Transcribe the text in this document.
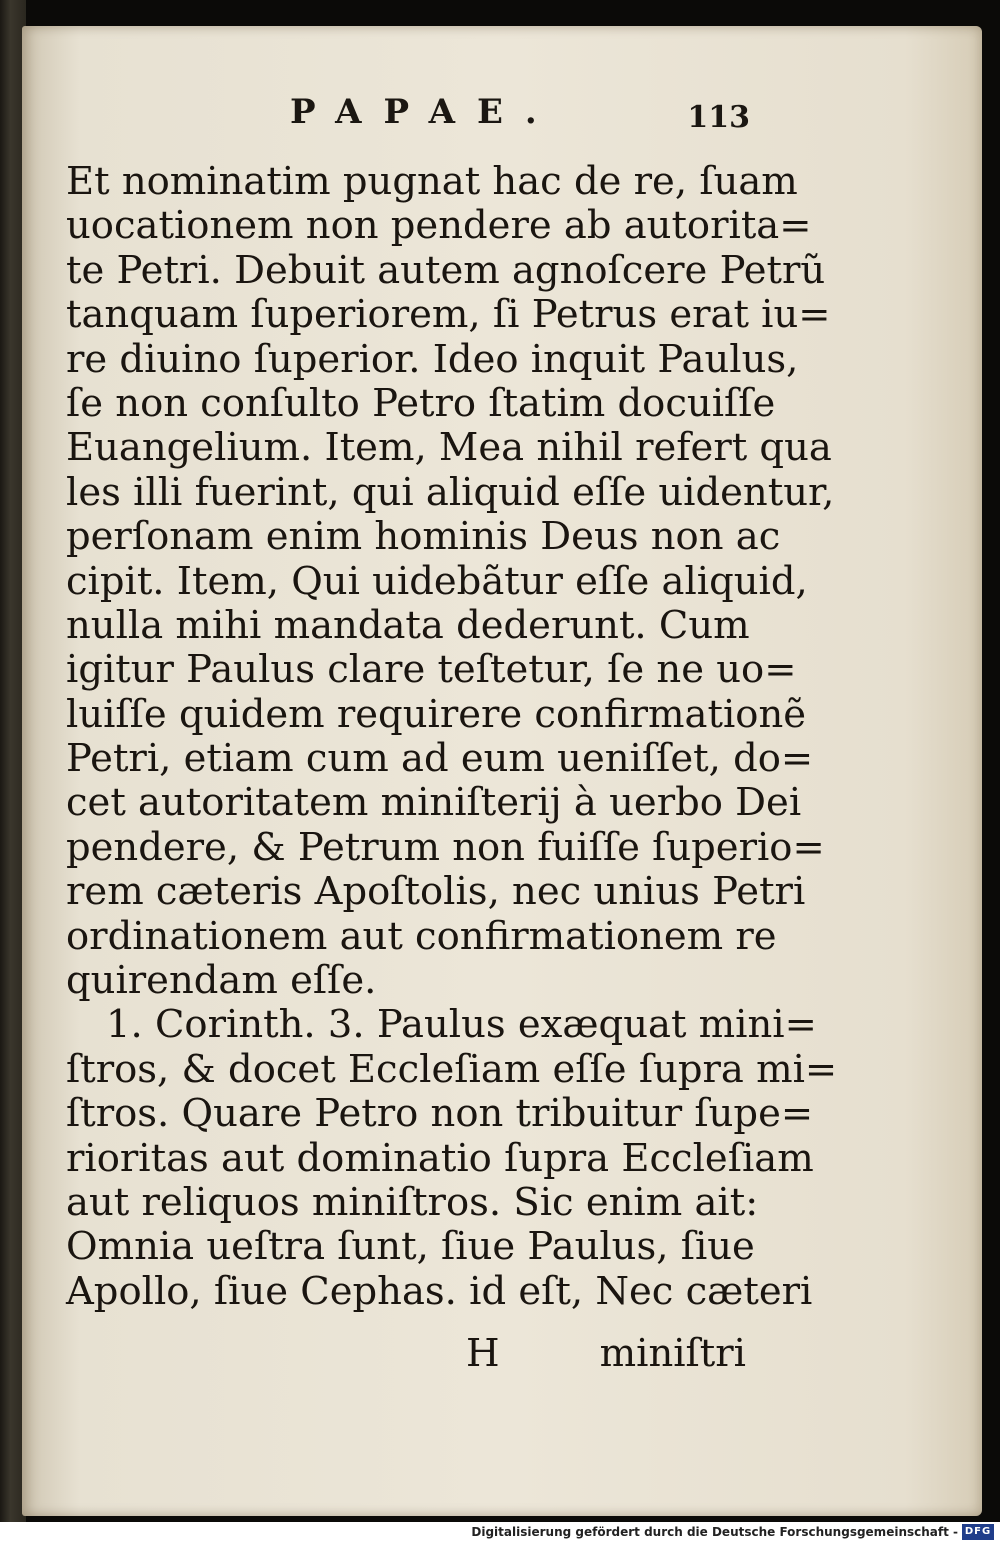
PAPAE.	113
Et nominatim pugnat hac de re, ſuam
uocationem non pendere ab autorita=
te Petri. Debuit autem agnoſcere Petrũ
tanquam ſuperiorem, ſi Petrus erat iu=
re diuino ſuperior. Ideo inquit Paulus,
ſe non conſulto Petro ſtatim docuiſſe
Euangelium. Item, Mea nihil refert qua
les illi fuerint, qui aliquid eſſe uidentur,
perſonam enim hominis Deus non ac
cipit. Item, Qui uidebãtur eſſe aliquid,
nulla mihi mandata dederunt. Cum
igitur Paulus clare teſtetur, ſe ne uo=
luiſſe quidem requirere confirmationẽ
Petri, etiam cum ad eum ueniſſet, do=
cet autoritatem miniſterij à uerbo Dei
pendere, & Petrum non fuiſſe ſuperio=
rem cæteris Apoſtolis, nec unius Petri
ordinationem aut confirmationem re
quirendam eſſe.
1. Corinth. 3. Paulus exæquat mini=
ſtros, & docet Eccleſiam eſſe ſupra mi=
ſtros. Quare Petro non tribuitur ſupe=
rioritas aut dominatio ſupra Eccleſiam
aut reliquos miniſtros. Sic enim ait:
Omnia ueſtra ſunt, ſiue Paulus, ſiue
Apollo, ſiue Cephas. id eſt, Nec cæteri
H	miniſtri
Digitalisierung gefördert durch die Deutsche Forschungsgemeinschaft - DFG
